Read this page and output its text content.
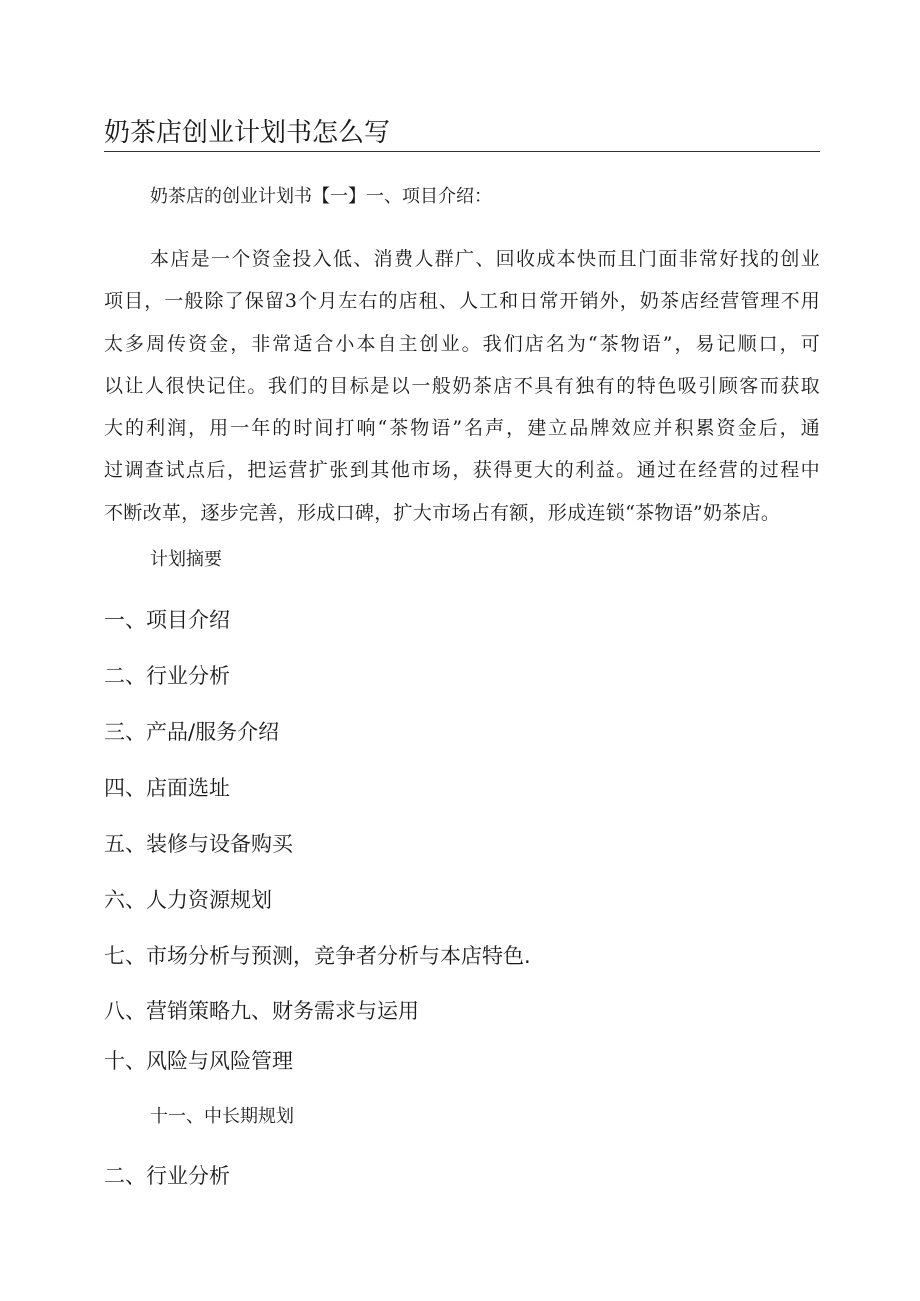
奶茶店创业计划书怎么写

奶茶店的创业计划书【一】一、项目介绍：

本店是一个资金投入低、消费人群广、回收成本快而且门面非常好找的创业
项目，一般除了保留3个月左右的店租、人工和日常开销外，奶茶店经营管理不用
太多周传资金，非常适合小本自主创业。我们店名为“茶物语”，易记顺口，可
以让人很快记住。我们的目标是以一般奶茶店不具有独有的特色吸引顾客而获取
大的利润，用一年的时间打响“茶物语”名声，建立品牌效应并积累资金后，通
过调查试点后，把运营扩张到其他市场，获得更大的利益。通过在经营的过程中
不断改革，逐步完善，形成口碑，扩大市场占有额，形成连锁“茶物语”奶茶店。

计划摘要

一、项目介绍
二、行业分析
三、产品/服务介绍
四、店面选址
五、装修与设备购买
六、人力资源规划
七、市场分析与预测，竞争者分析与本店特色.
八、营销策略九、财务需求与运用
十、风险与风险管理

十一、中长期规划

二、行业分析
